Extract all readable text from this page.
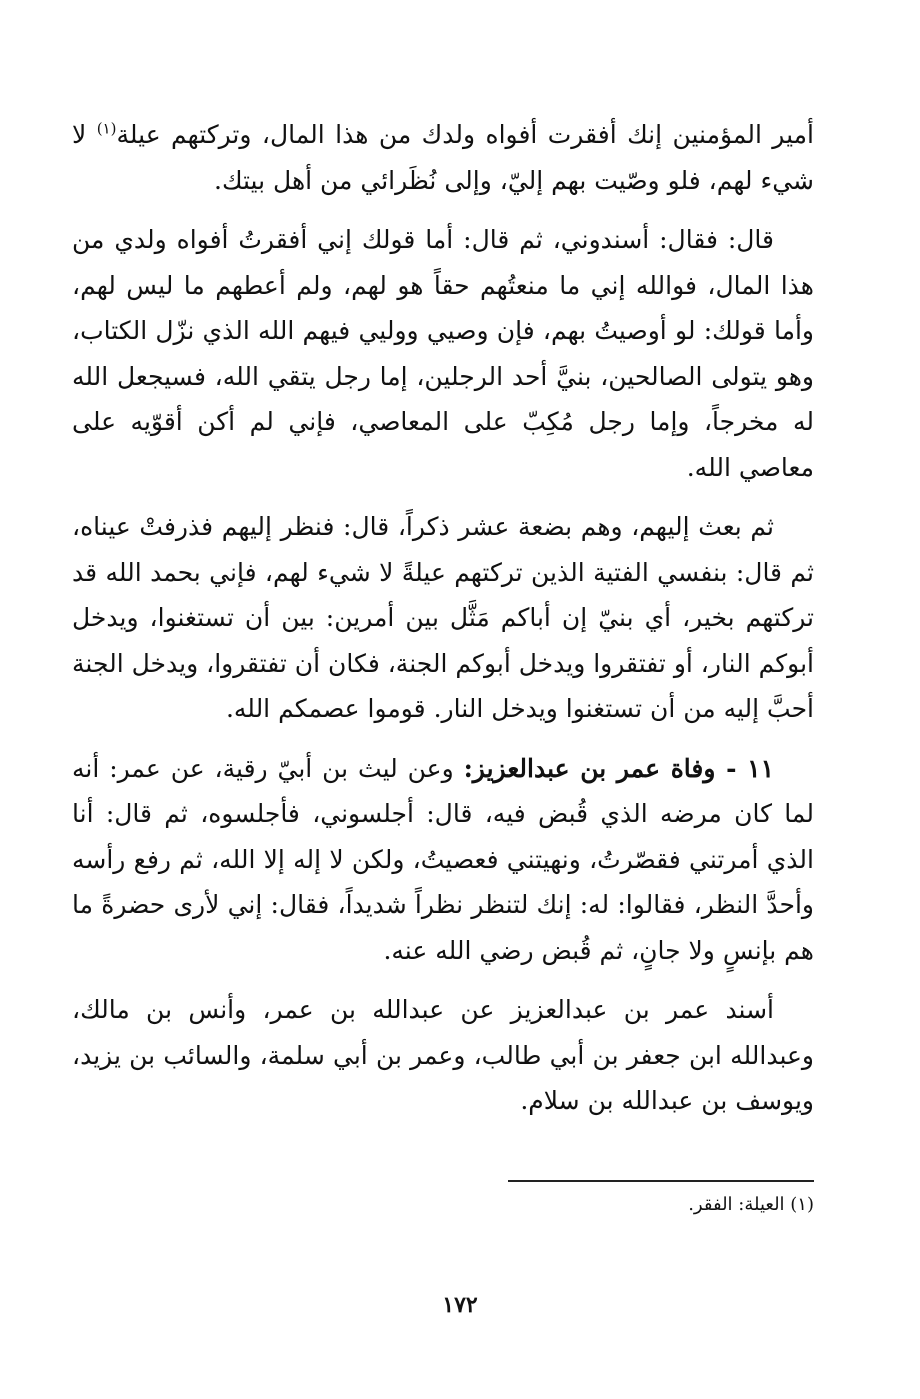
أمير المؤمنين إنك أفقرت أفواه ولدك من هذا المال، وتركتهم عيلة$^{(١)}$ لا شيء لهم، فلو وصّيت بهم إليّ، وإلى نُظَرائي من أهل بيتك.

قال: فقال: أسندوني، ثم قال: أما قولك إني أفقرتُ أفواه ولدي من هذا المال، فوالله إني ما منعتُهم حقاً هو لهم، ولم أعطهم ما ليس لهم، وأما قولك: لو أوصيتُ بهم، فإن وصيي ووليي فيهم الله الذي نزّل الكتاب، وهو يتولى الصالحين، بنيَّ أحد الرجلين، إما رجل يتقي الله، فسيجعل الله له مخرجاً، وإما رجل مُكِبّ على المعاصي، فإني لم أكن أقوّيه على معاصي الله.

ثم بعث إليهم، وهم بضعة عشر ذكراً، قال: فنظر إليهم فذرفتْ عيناه، ثم قال: بنفسي الفتية الذين تركتهم عيلةً لا شيء لهم، فإني بحمد الله قد تركتهم بخير، أي بنيّ إن أباكم مَثَّل بين أمرين: بين أن تستغنوا، ويدخل أبوكم النار، أو تفتقروا ويدخل أبوكم الجنة، فكان أن تفتقروا، ويدخل الجنة أحبَّ إليه من أن تستغنوا ويدخل النار. قوموا عصمكم الله.

١١ - وفاة عمر بن عبدالعزيز: وعن ليث بن أبيّ رقية، عن عمر: أنه لما كان مرضه الذي قُبض فيه، قال: أجلسوني، فأجلسوه، ثم قال: أنا الذي أمرتني فقصّرتُ، ونهيتني فعصيتُ، ولكن لا إله إلا الله، ثم رفع رأسه وأحدَّ النظر، فقالوا: له: إنك لتنظر نظراً شديداً، فقال: إني لأرى حضرةً ما هم بإنسٍ ولا جانٍ، ثم قُبض رضي الله عنه.

أسند عمر بن عبدالعزيز عن عبدالله بن عمر، وأنس بن مالك، وعبدالله ابن جعفر بن أبي طالب، وعمر بن أبي سلمة، والسائب بن يزيد، ويوسف بن عبدالله بن سلام.

(١) العيلة: الفقر.
١٧٢
